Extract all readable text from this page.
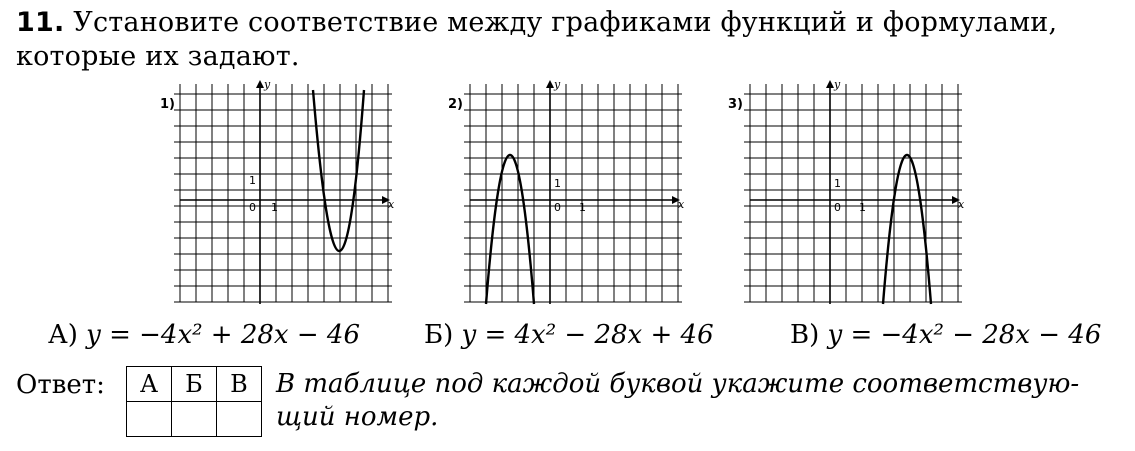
11. Установите соответствие между графиками функций и формулами,
которые их задают.
1)
y
x
1
0 1
2)
y
x
1
0 1
3)
y
x
1
0 1
А) y = −4x² + 28x − 46 Б) y = 4x² − 28x + 46	В) y = −4x² − 28x − 46
Ответ: А	Б	В
		В таблице под каждой буквой укажите соответствую-
щий номер.
